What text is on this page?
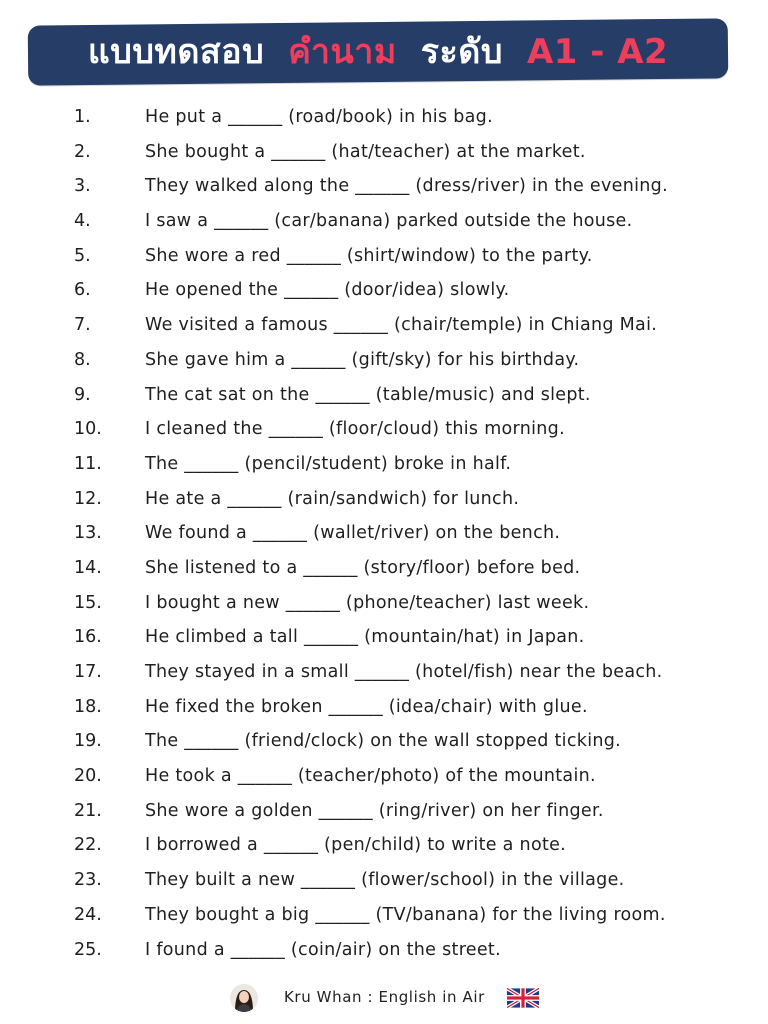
แบบทดสอบ คำนาม ระดับ A1 - A2
1.	He put a ______ (road/book) in his bag.
2.	She bought a ______ (hat/teacher) at the market.
3.	They walked along the ______ (dress/river) in the evening.
4.	I saw a ______ (car/banana) parked outside the house.
5.	She wore a red ______ (shirt/window) to the party.
6.	He opened the ______ (door/idea) slowly.
7.	We visited a famous ______ (chair/temple) in Chiang Mai.
8.	She gave him a ______ (gift/sky) for his birthday.
9.	The cat sat on the ______ (table/music) and slept.
10.	I cleaned the ______ (floor/cloud) this morning.
11.	The ______ (pencil/student) broke in half.
12.	He ate a ______ (rain/sandwich) for lunch.
13.	We found a ______ (wallet/river) on the bench.
14.	She listened to a ______ (story/floor) before bed.
15.	I bought a new ______ (phone/teacher) last week.
16.	He climbed a tall ______ (mountain/hat) in Japan.
17.	They stayed in a small ______ (hotel/fish) near the beach.
18.	He fixed the broken ______ (idea/chair) with glue.
19.	The ______ (friend/clock) on the wall stopped ticking.
20.	He took a ______ (teacher/photo) of the mountain.
21.	She wore a golden ______ (ring/river) on her finger.
22.	I borrowed a ______ (pen/child) to write a note.
23.	They built a new ______ (flower/school) in the village.
24.	They bought a big ______ (TV/banana) for the living room.
25.	I found a ______ (coin/air) on the street.
Kru Whan : English in Air
